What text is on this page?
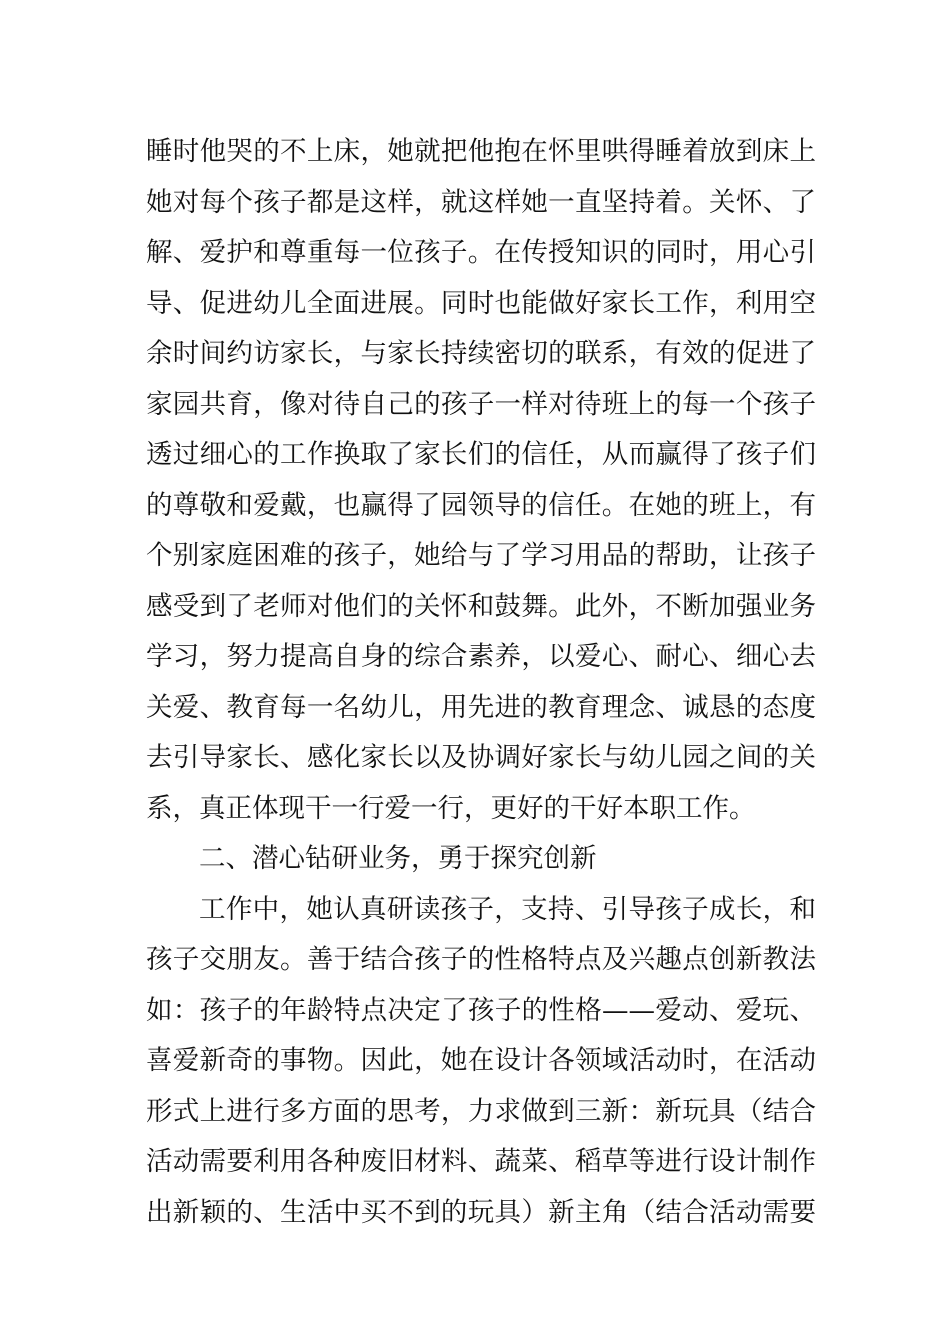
睡时他哭的不上床，她就把他抱在怀里哄得睡着放到床上
她对每个孩子都是这样，就这样她一直坚持着。关怀、了
解、爱护和尊重每一位孩子。在传授知识的同时，用心引
导、促进幼儿全面进展。同时也能做好家长工作，利用空
余时间约访家长，与家长持续密切的联系，有效的促进了
家园共育，像对待自己的孩子一样对待班上的每一个孩子
透过细心的工作换取了家长们的信任，从而赢得了孩子们
的尊敬和爱戴，也赢得了园领导的信任。在她的班上，有
个别家庭困难的孩子，她给与了学习用品的帮助，让孩子
感受到了老师对他们的关怀和鼓舞。此外，不断加强业务
学习，努力提高自身的综合素养，以爱心、耐心、细心去
关爱、教育每一名幼儿，用先进的教育理念、诚恳的态度
去引导家长、感化家长以及协调好家长与幼儿园之间的关
系，真正体现干一行爱一行，更好的干好本职工作。
二、潜心钻研业务，勇于探究创新
工作中，她认真研读孩子，支持、引导孩子成长，和
孩子交朋友。善于结合孩子的性格特点及兴趣点创新教法
如：孩子的年龄特点决定了孩子的性格——爱动、爱玩、
喜爱新奇的事物。因此，她在设计各领域活动时，在活动
形式上进行多方面的思考，力求做到三新：新玩具（结合
活动需要利用各种废旧材料、蔬菜、稻草等进行设计制作
出新颖的、生活中买不到的玩具）新主角（结合活动需要
